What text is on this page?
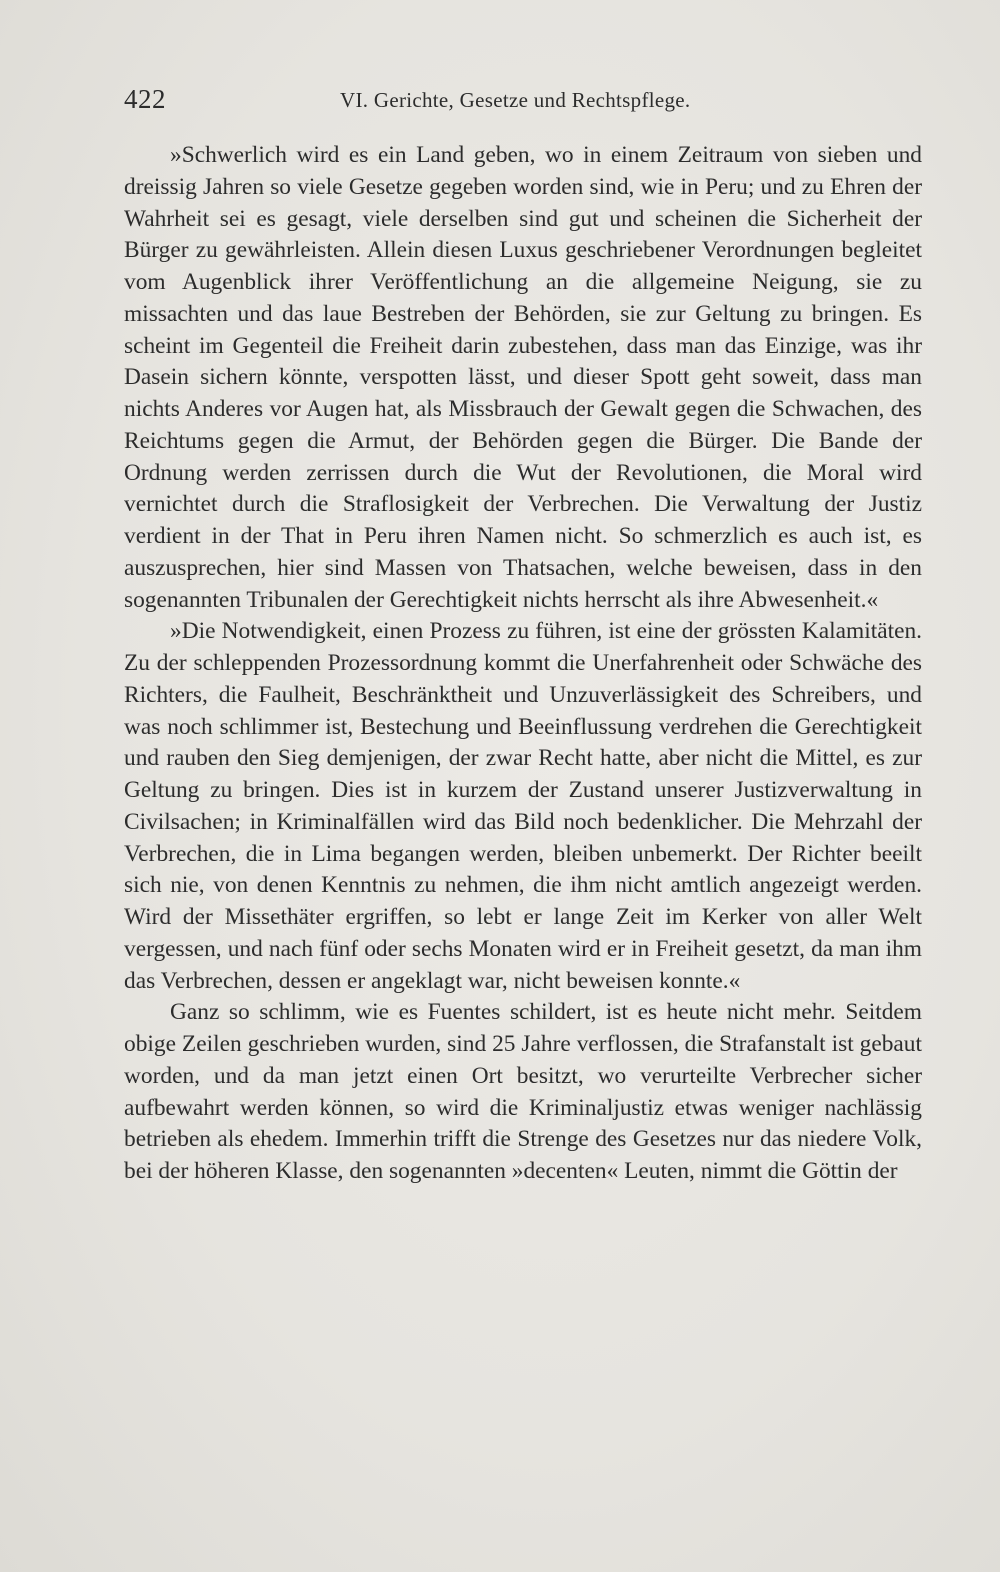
422	VI. Gerichte, Gesetze und Rechtspflege.

»Schwerlich wird es ein Land geben, wo in einem Zeitraum von sieben und dreissig Jahren so viele Gesetze gegeben worden sind, wie in Peru; und zu Ehren der Wahrheit sei es gesagt, viele derselben sind gut und scheinen die Sicherheit der Bürger zu gewährleisten. Allein diesen Luxus geschriebener Verordnungen begleitet vom Augenblick ihrer Veröffentlichung an die allgemeine Neigung, sie zu missachten und das laue Bestreben der Behörden, sie zur Geltung zu bringen. Es scheint im Gegenteil die Freiheit darin zubestehen, dass man das Einzige, was ihr Dasein sichern könnte, verspotten lässt, und dieser Spott geht soweit, dass man nichts Anderes vor Augen hat, als Missbrauch der Gewalt gegen die Schwachen, des Reichtums gegen die Armut, der Behörden gegen die Bürger. Die Bande der Ordnung werden zerrissen durch die Wut der Revolutionen, die Moral wird vernichtet durch die Straflosigkeit der Verbrechen. Die Verwaltung der Justiz verdient in der That in Peru ihren Namen nicht. So schmerzlich es auch ist, es auszusprechen, hier sind Massen von Thatsachen, welche beweisen, dass in den sogenannten Tribunalen der Gerechtigkeit nichts herrscht als ihre Abwesenheit.«

»Die Notwendigkeit, einen Prozess zu führen, ist eine der grössten Kalamitäten. Zu der schleppenden Prozessordnung kommt die Unerfahrenheit oder Schwäche des Richters, die Faulheit, Beschränktheit und Unzuverlässigkeit des Schreibers, und was noch schlimmer ist, Bestechung und Beeinflussung verdrehen die Gerechtigkeit und rauben den Sieg demjenigen, der zwar Recht hatte, aber nicht die Mittel, es zur Geltung zu bringen. Dies ist in kurzem der Zustand unserer Justizverwaltung in Civilsachen; in Kriminalfällen wird das Bild noch bedenklicher. Die Mehrzahl der Verbrechen, die in Lima begangen werden, bleiben unbemerkt. Der Richter beeilt sich nie, von denen Kenntnis zu nehmen, die ihm nicht amtlich angezeigt werden. Wird der Missethäter ergriffen, so lebt er lange Zeit im Kerker von aller Welt vergessen, und nach fünf oder sechs Monaten wird er in Freiheit gesetzt, da man ihm das Verbrechen, dessen er angeklagt war, nicht beweisen konnte.«

Ganz so schlimm, wie es Fuentes schildert, ist es heute nicht mehr. Seitdem obige Zeilen geschrieben wurden, sind 25 Jahre verflossen, die Strafanstalt ist gebaut worden, und da man jetzt einen Ort besitzt, wo verurteilte Verbrecher sicher aufbewahrt werden können, so wird die Kriminaljustiz etwas weniger nachlässig betrieben als ehedem. Immerhin trifft die Strenge des Gesetzes nur das niedere Volk, bei der höheren Klasse, den sogenannten »decenten« Leuten, nimmt die Göttin der
